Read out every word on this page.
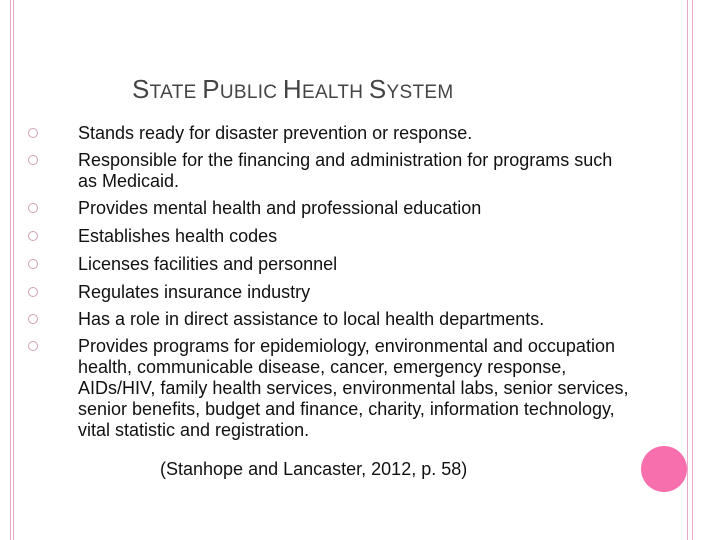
STATE PUBLIC HEALTH SYSTEM
Stands ready for disaster prevention or response.
Responsible for the financing and administration for programs such as Medicaid.
Provides mental health and professional education
Establishes health codes
Licenses facilities and personnel
Regulates insurance industry
Has a role in direct assistance to local health departments.
Provides programs for epidemiology, environmental and occupation health, communicable disease, cancer, emergency response, AIDs/HIV, family health services, environmental labs, senior services, senior benefits, budget and finance, charity, information technology, vital statistic and registration.
(Stanhope and Lancaster, 2012, p. 58)
